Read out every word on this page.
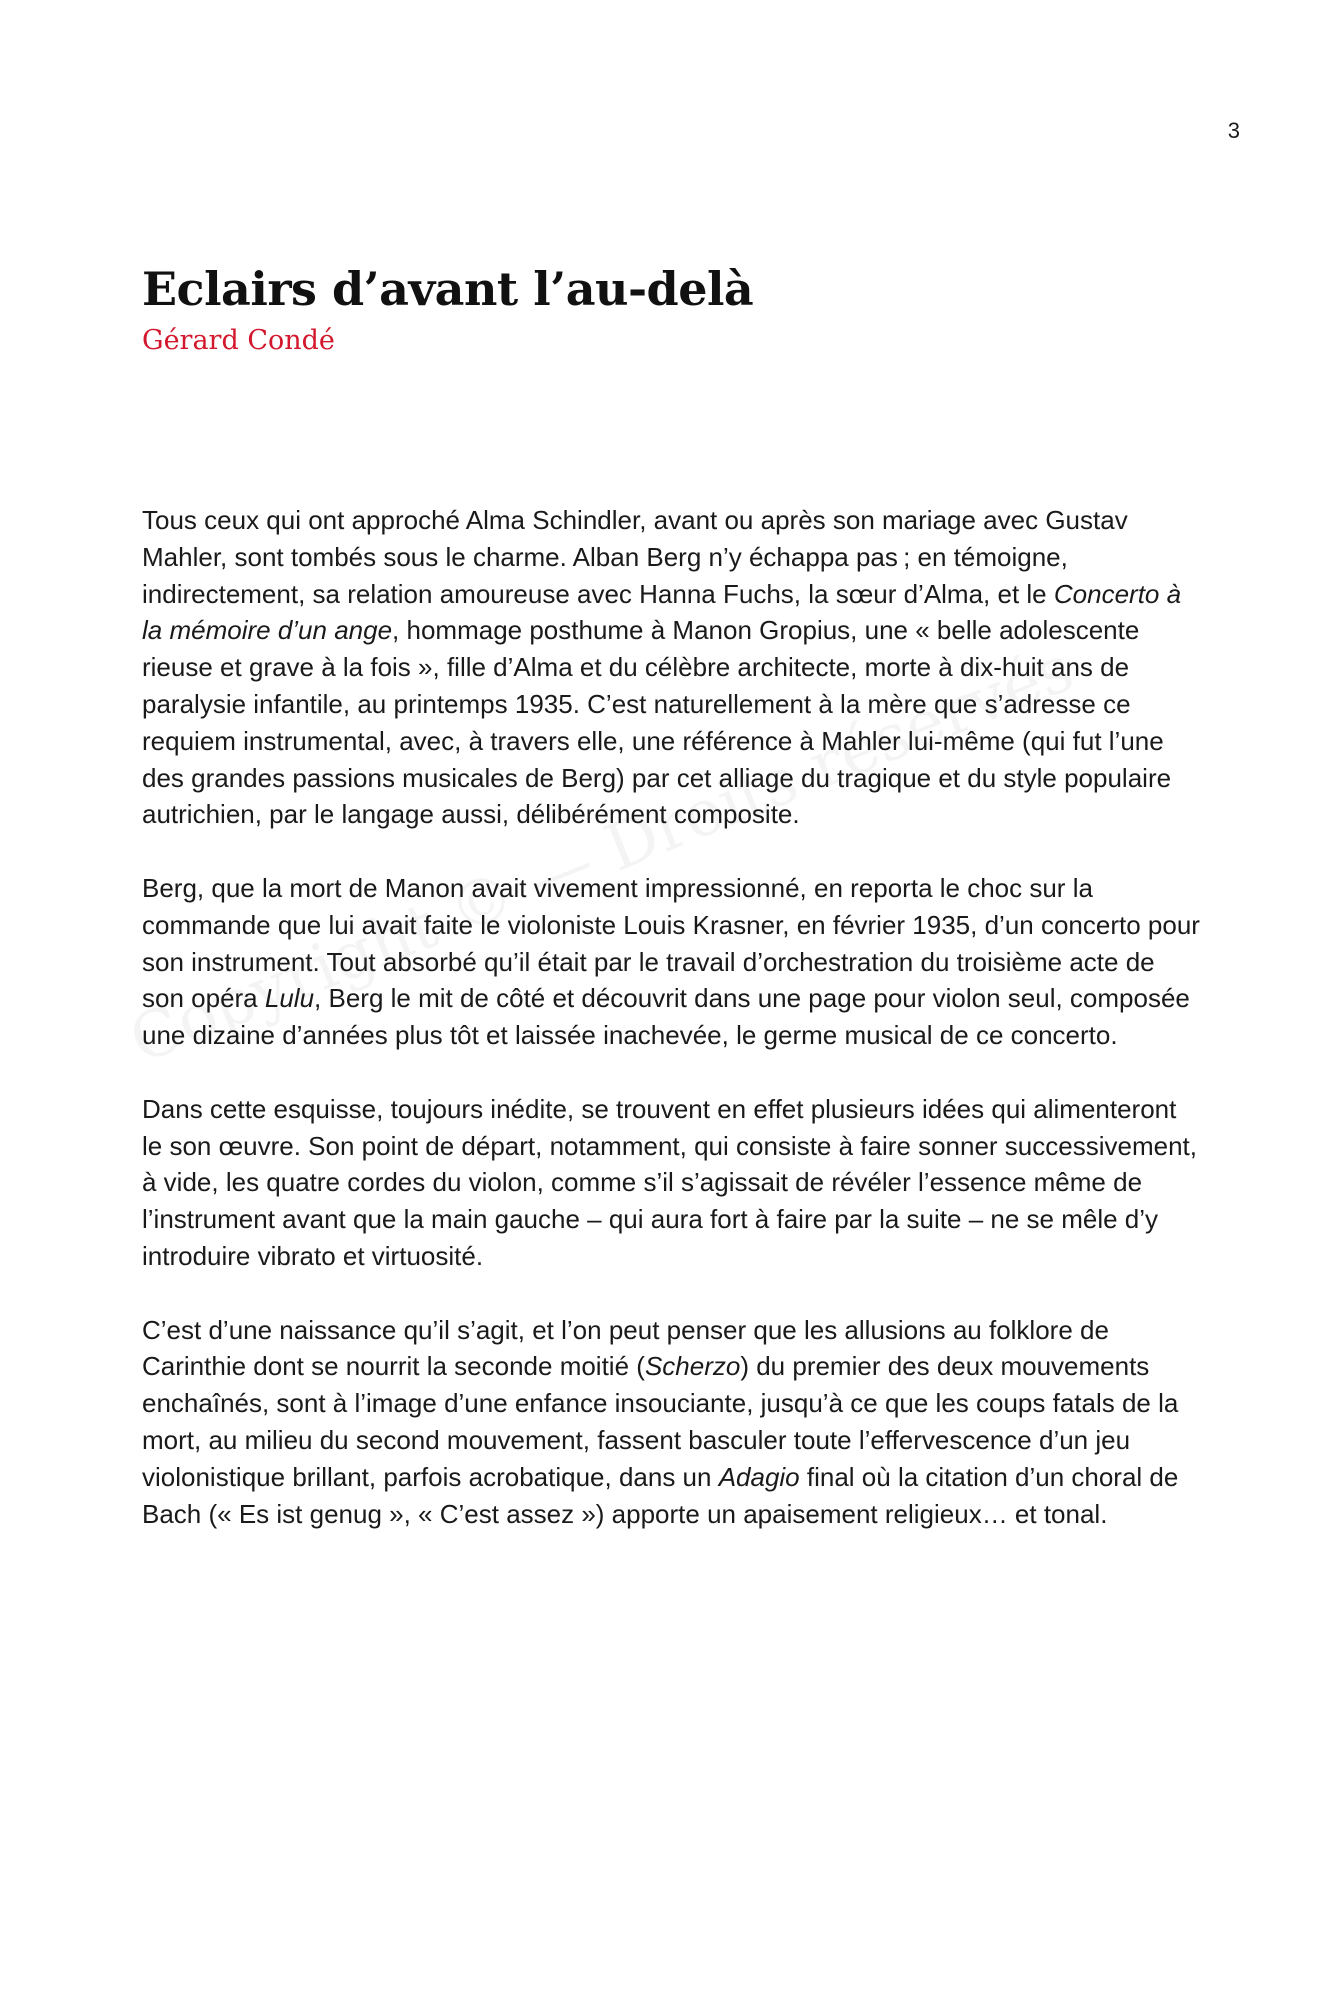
3
Eclairs d’avant l’au-delà
Gérard Condé

Tous ceux qui ont approché Alma Schindler, avant ou après son mariage avec Gustav Mahler, sont tombés sous le charme. Alban Berg n’y échappa pas ; en témoigne, indirectement, sa relation amoureuse avec Hanna Fuchs, la sœur d’Alma, et le Concerto à la mémoire d’un ange, hommage posthume à Manon Gropius, une « belle adolescente rieuse et grave à la fois », fille d’Alma et du célèbre architecte, morte à dix-huit ans de paralysie infantile, au printemps 1935. C’est naturellement à la mère que s’adresse ce requiem instrumental, avec, à travers elle, une référence à Mahler lui-même (qui fut l’une des grandes passions musicales de Berg) par cet alliage du tragique et du style populaire autrichien, par le langage aussi, délibérément composite.

Berg, que la mort de Manon avait vivement impressionné, en reporta le choc sur la commande que lui avait faite le violoniste Louis Krasner, en février 1935, d’un concerto pour son instrument. Tout absorbé qu’il était par le travail d’orchestration du troisième acte de son opéra Lulu, Berg le mit de côté et découvrit dans une page pour violon seul, composée une dizaine d’années plus tôt et laissée inachevée, le germe musical de ce concerto.

Dans cette esquisse, toujours inédite, se trouvent en effet plusieurs idées qui alimenteront le son œuvre. Son point de départ, notamment, qui consiste à faire sonner successivement, à vide, les quatre cordes du violon, comme s’il s’agissait de révéler l’essence même de l’instrument avant que la main gauche – qui aura fort à faire par la suite – ne se mêle d’y introduire vibrato et virtuosité.

C’est d’une naissance qu’il s’agit, et l’on peut penser que les allusions au folklore de Carinthie dont se nourrit la seconde moitié (Scherzo) du premier des deux mouvements enchaînés, sont à l’image d’une enfance insouciante, jusqu’à ce que les coups fatals de la mort, au milieu du second mouvement, fassent basculer toute l’effervescence d’un jeu violonistique brillant, parfois acrobatique, dans un Adagio final où la citation d’un choral de Bach (« Es ist genug », « C’est assez ») apporte un apaisement religieux… et tonal.
